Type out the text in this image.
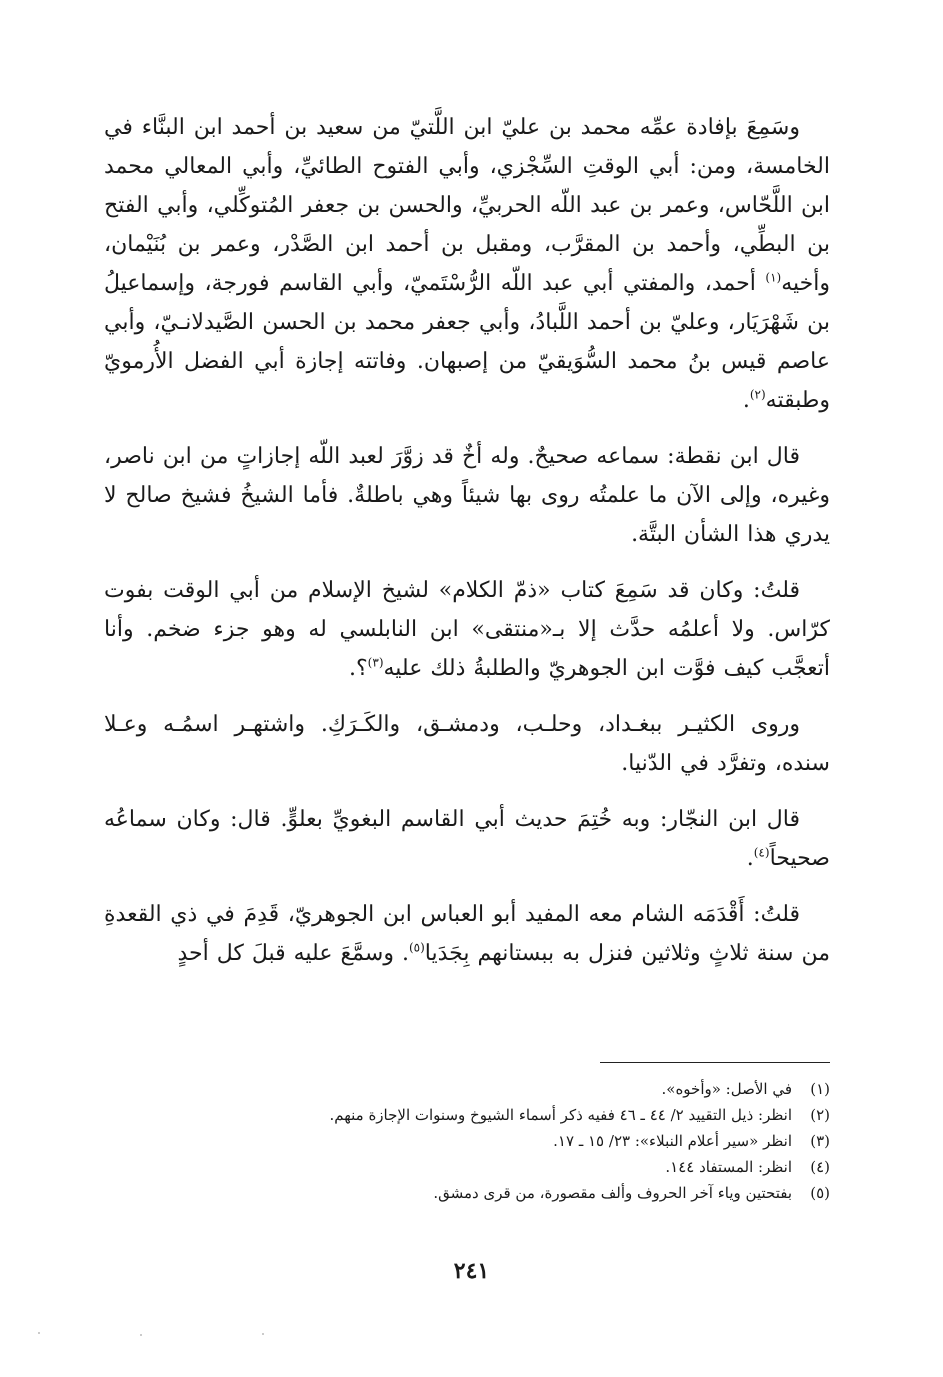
وسَمِعَ بإفادة عمِّه محمد بن عليّ ابن اللَّتيّ من سعيد بن أحمد ابن البنَّاء في الخامسة، ومن: أبي الوقتِ السِّجْزي، وأبي الفتوح الطائيِّ، وأبي المعالي محمد ابن اللَّحّاس، وعمر بن عبد اللّه الحربيِّ، والحسن بن جعفر المُتوكِّلي، وأبي الفتح بن البطِّي، وأحمد بن المقرَّب، ومقبل بن أحمد ابن الصَّدْر، وعمر بن بُنَيْمان، وأخيه$^{(١)}$ أحمد، والمفتي أبي عبد اللّه الرُّسْتَميّ، وأبي القاسم فورجة، وإسماعيلُ بن شَهْرَيَار، وعليّ بن أحمد اللَّبادُ، وأبي جعفر محمد بن الحسن الصَّيدلانـيّ، وأبي عاصم قيس بنُ محمد السُّوَيقيّ من إصبهان. وفاتته إجازة أبي الفضل الأُرمويّ وطبقته$^{(٢)}$.

قال ابن نقطة: سماعه صحيحٌ. وله أخٌ قد زوَّرَ لعبد اللّه إجازاتٍ من ابن ناصر، وغيره، وإلى الآن ما علمتُه روى بها شيئاً وهي باطلةٌ. فأما الشيخُ فشيخ صالح لا يدري هذا الشأن البتَّة.

قلتُ: وكان قد سَمِعَ كتاب «ذمّ الكلام» لشيخ الإسلام من أبي الوقت بفوت كرّاس. ولا أعلمُه حدَّث إلا بـ«منتقى» ابن النابلسي له وهو جزء ضخم. وأنا أتعجَّب كيف فوَّت ابن الجوهريّ والطلبةُ ذلك عليه$^{(٣)}$؟.

وروى الكثيـر ببغـداد، وحلـب، ودمشـق، والكَـرَكِ. واشتهـر اسمُـه وعـلا سنده، وتفرَّد في الدّنيا.

قال ابن النجّار: وبه خُتِمَ حديث أبي القاسم البغويِّ بعلوٍّ. قال: وكان سماعُه صحيحاً$^{(٤)}$.

قلتُ: أَقْدَمَه الشام معه المفيد أبو العباس ابن الجوهريّ، قَدِمَ في ذي القعدةِ من سنة ثلاثٍ وثلاثين فنزل به ببستانهم بِجَدَيا$^{(٥)}$. وسمَّعَ عليه قبلَ كل أحدٍ

(١)في الأصل: «وأخوه».

(٢)انظر: ذيل التقييد ٢/ ٤٤ ـ ٤٦ ففيه ذكر أسماء الشيوخ وسنوات الإجازة منهم.

(٣)انظر «سير أعلام النبلاء»: ٢٣/ ١٥ ـ ١٧.

(٤)انظر: المستفاد ١٤٤.

(٥)بفتحتين وياء آخر الحروف وألف مقصورة، من قرى دمشق.

٢٤١
